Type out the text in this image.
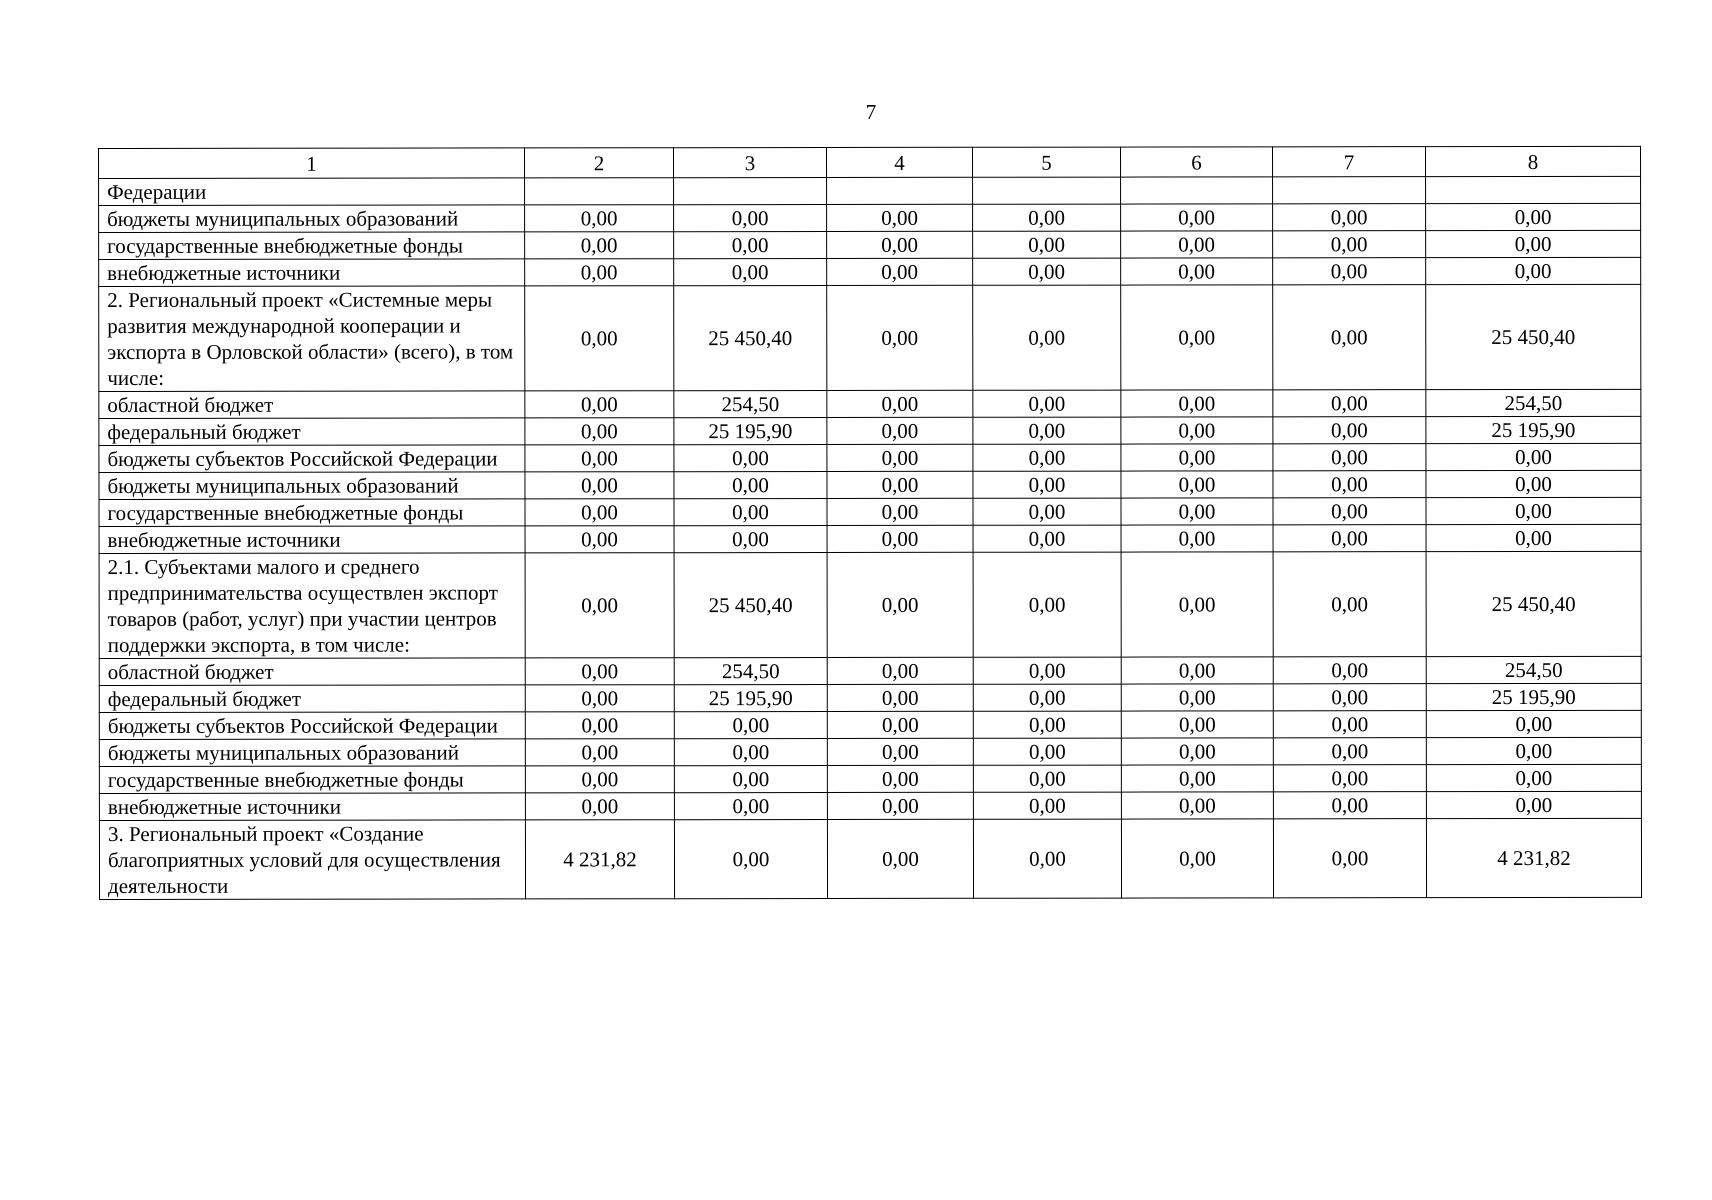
7
1	2	3	4	5	6	7	8
Федерации							
бюджеты муниципальных образований	0,00	0,00	0,00	0,00	0,00	0,00	0,00
государственные внебюджетные фонды	0,00	0,00	0,00	0,00	0,00	0,00	0,00
внебюджетные источники	0,00	0,00	0,00	0,00	0,00	0,00	0,00
2. Региональный проект «Системные меры развития международной кооперации и экспорта в Орловской области» (всего), в том числе:	0,00	25 450,40	0,00	0,00	0,00	0,00	25 450,40
областной бюджет	0,00	254,50	0,00	0,00	0,00	0,00	254,50
федеральный бюджет	0,00	25 195,90	0,00	0,00	0,00	0,00	25 195,90
бюджеты субъектов Российской Федерации	0,00	0,00	0,00	0,00	0,00	0,00	0,00
бюджеты муниципальных образований	0,00	0,00	0,00	0,00	0,00	0,00	0,00
государственные внебюджетные фонды	0,00	0,00	0,00	0,00	0,00	0,00	0,00
внебюджетные источники	0,00	0,00	0,00	0,00	0,00	0,00	0,00
2.1. Субъектами малого и среднего предпринимательства осуществлен экспорт товаров (работ, услуг) при участии центров поддержки экспорта, в том числе:	0,00	25 450,40	0,00	0,00	0,00	0,00	25 450,40
областной бюджет	0,00	254,50	0,00	0,00	0,00	0,00	254,50
федеральный бюджет	0,00	25 195,90	0,00	0,00	0,00	0,00	25 195,90
бюджеты субъектов Российской Федерации	0,00	0,00	0,00	0,00	0,00	0,00	0,00
бюджеты муниципальных образований	0,00	0,00	0,00	0,00	0,00	0,00	0,00
государственные внебюджетные фонды	0,00	0,00	0,00	0,00	0,00	0,00	0,00
внебюджетные источники	0,00	0,00	0,00	0,00	0,00	0,00	0,00
3. Региональный проект «Создание благоприятных условий для осуществления деятельности	4 231,82	0,00	0,00	0,00	0,00	0,00	4 231,82
